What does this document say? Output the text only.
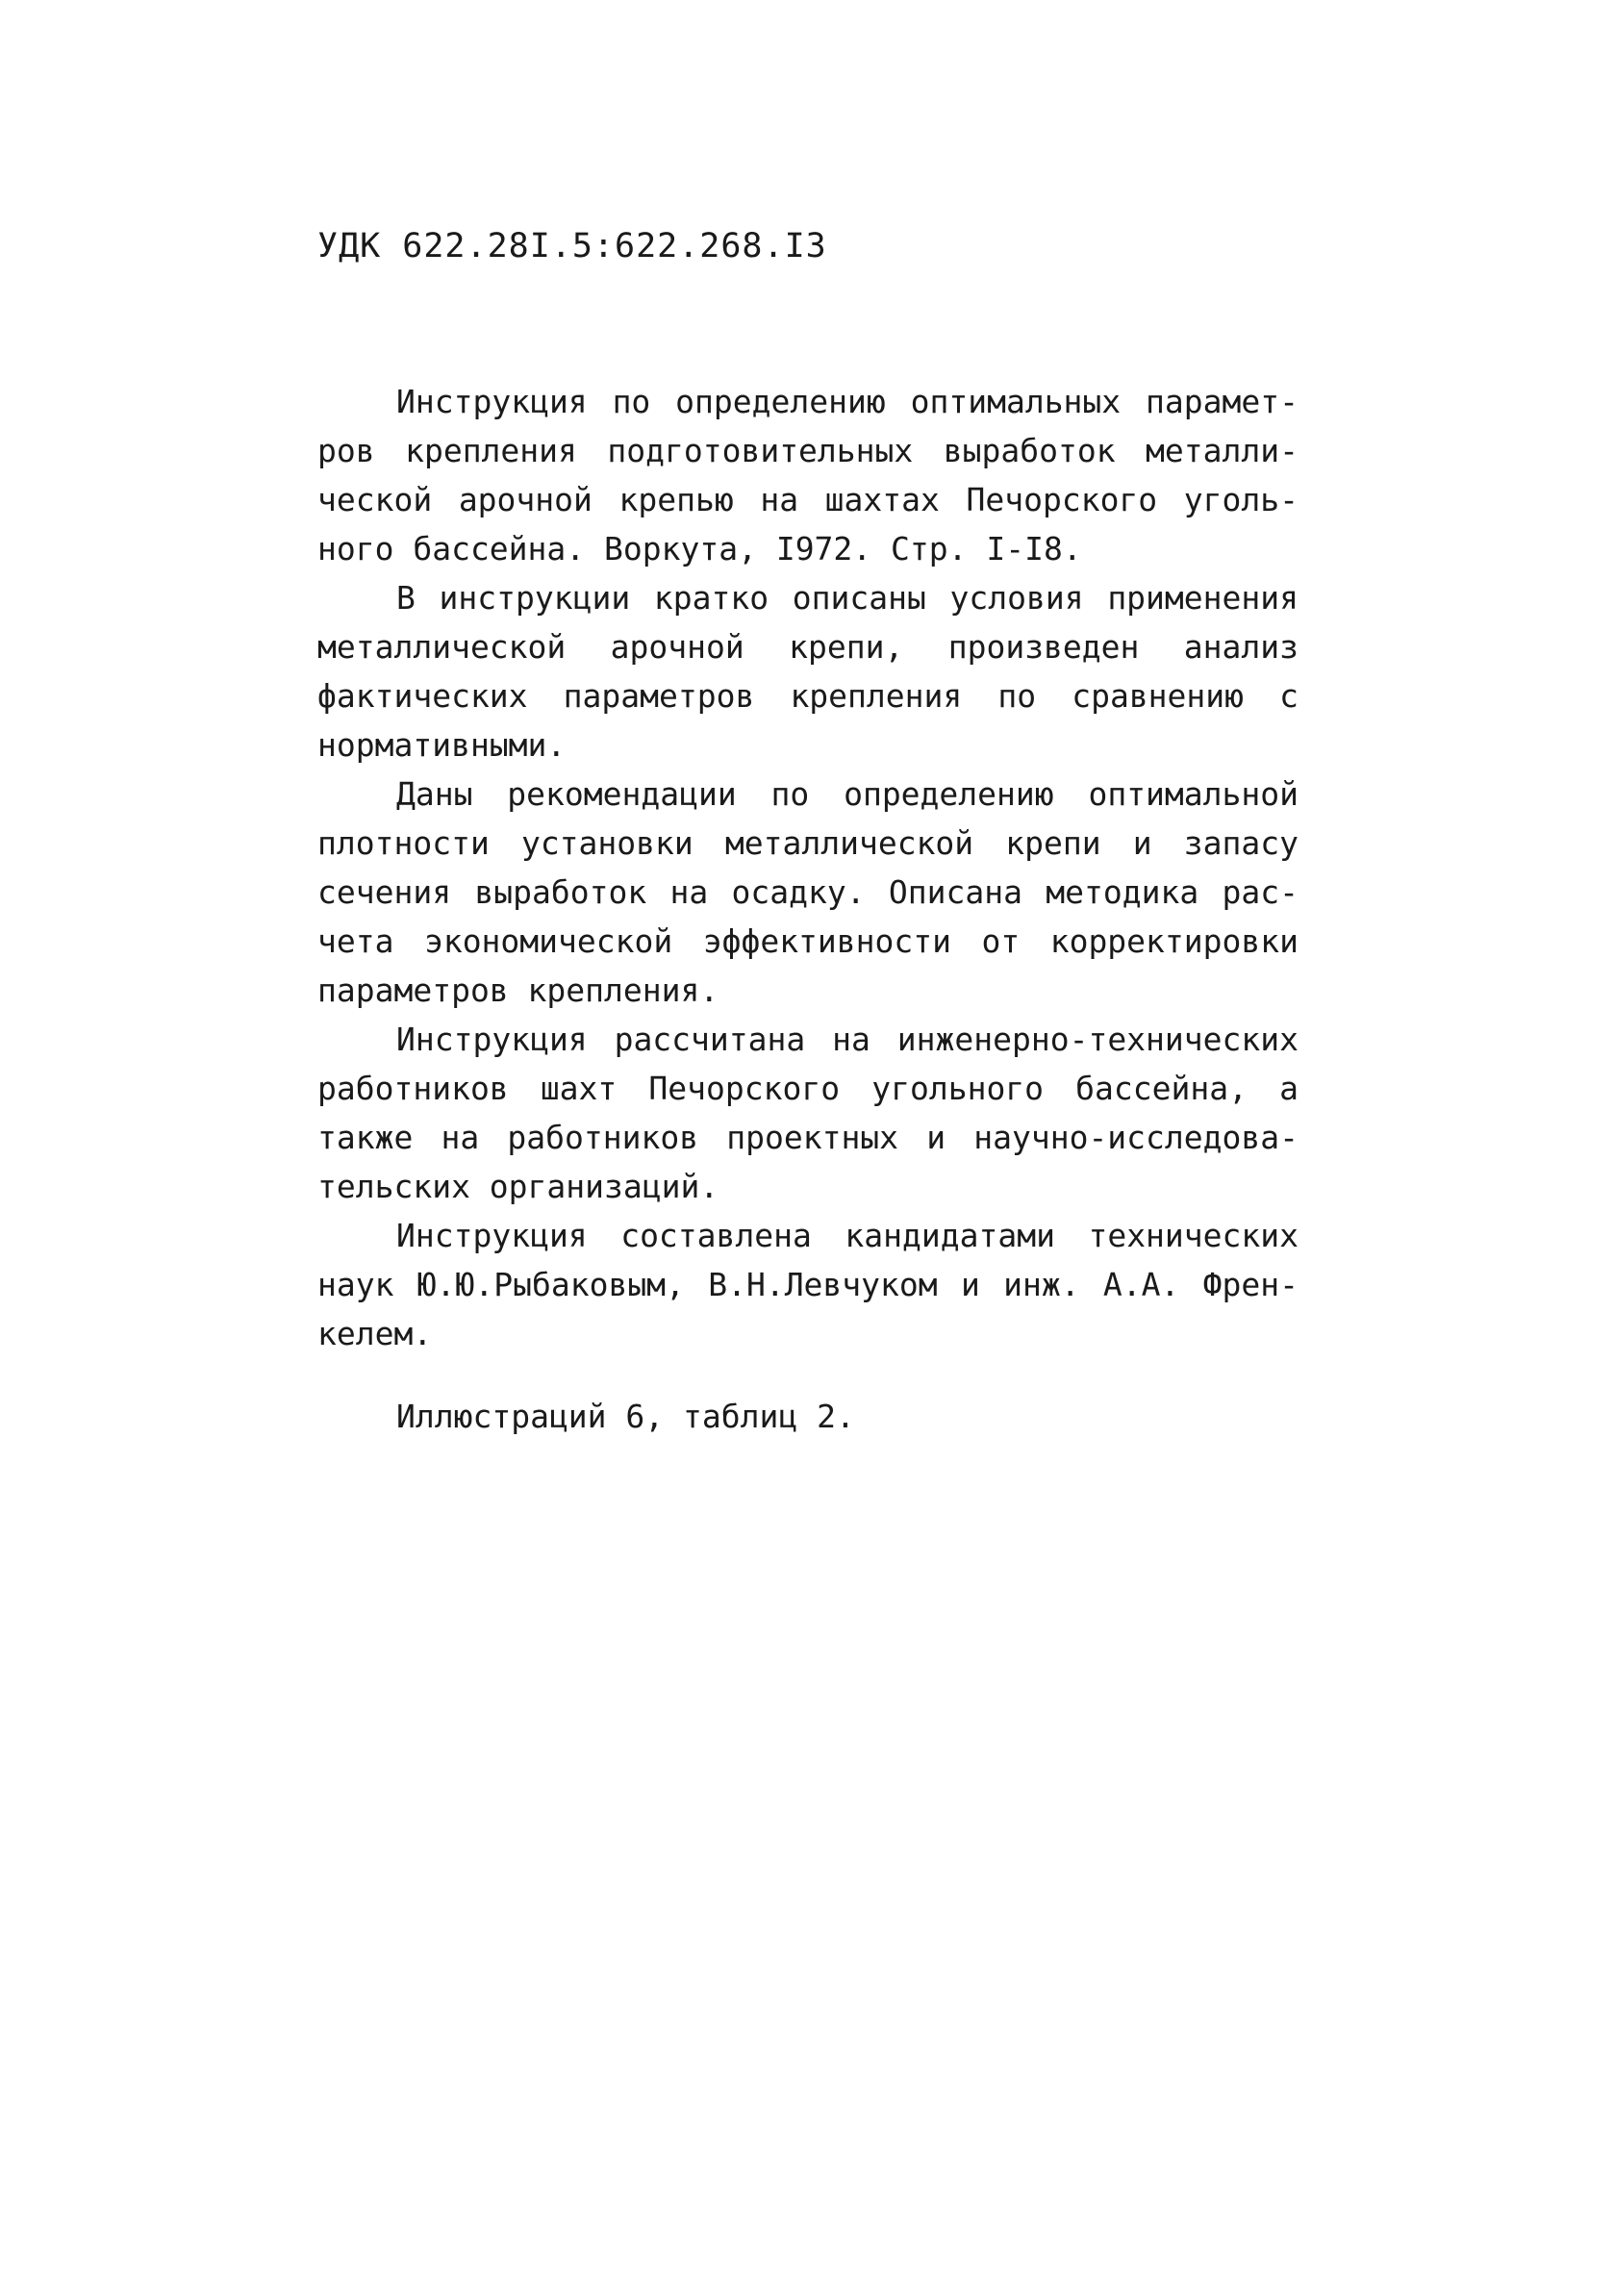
УДК 622.28I.5:622.268.I3

Инструкция по определению оптимальных парамет-
ров крепления подготовительных выработок металли-
ческой арочной крепью на шахтах Печорского уголь-
ного бассейна. Воркута, I972. Стр. I-I8.

В инструкции кратко описаны условия применения
металлической арочной крепи, произведен анализ
фактических параметров крепления по сравнению с
нормативными.

Даны рекомендации по определению оптимальной
плотности установки металлической крепи и запасу
сечения выработок на осадку. Описана методика рас-
чета экономической эффективности от корректировки
параметров крепления.

Инструкция рассчитана на инженерно-технических
работников шахт Печорского угольного бассейна, а
также на работников проектных и научно-исследова-
тельских организаций.

Инструкция составлена кандидатами технических
наук Ю.Ю.Рыбаковым, В.Н.Левчуком и инж. А.А. Френ-
келем.

Иллюстраций 6, таблиц 2.
